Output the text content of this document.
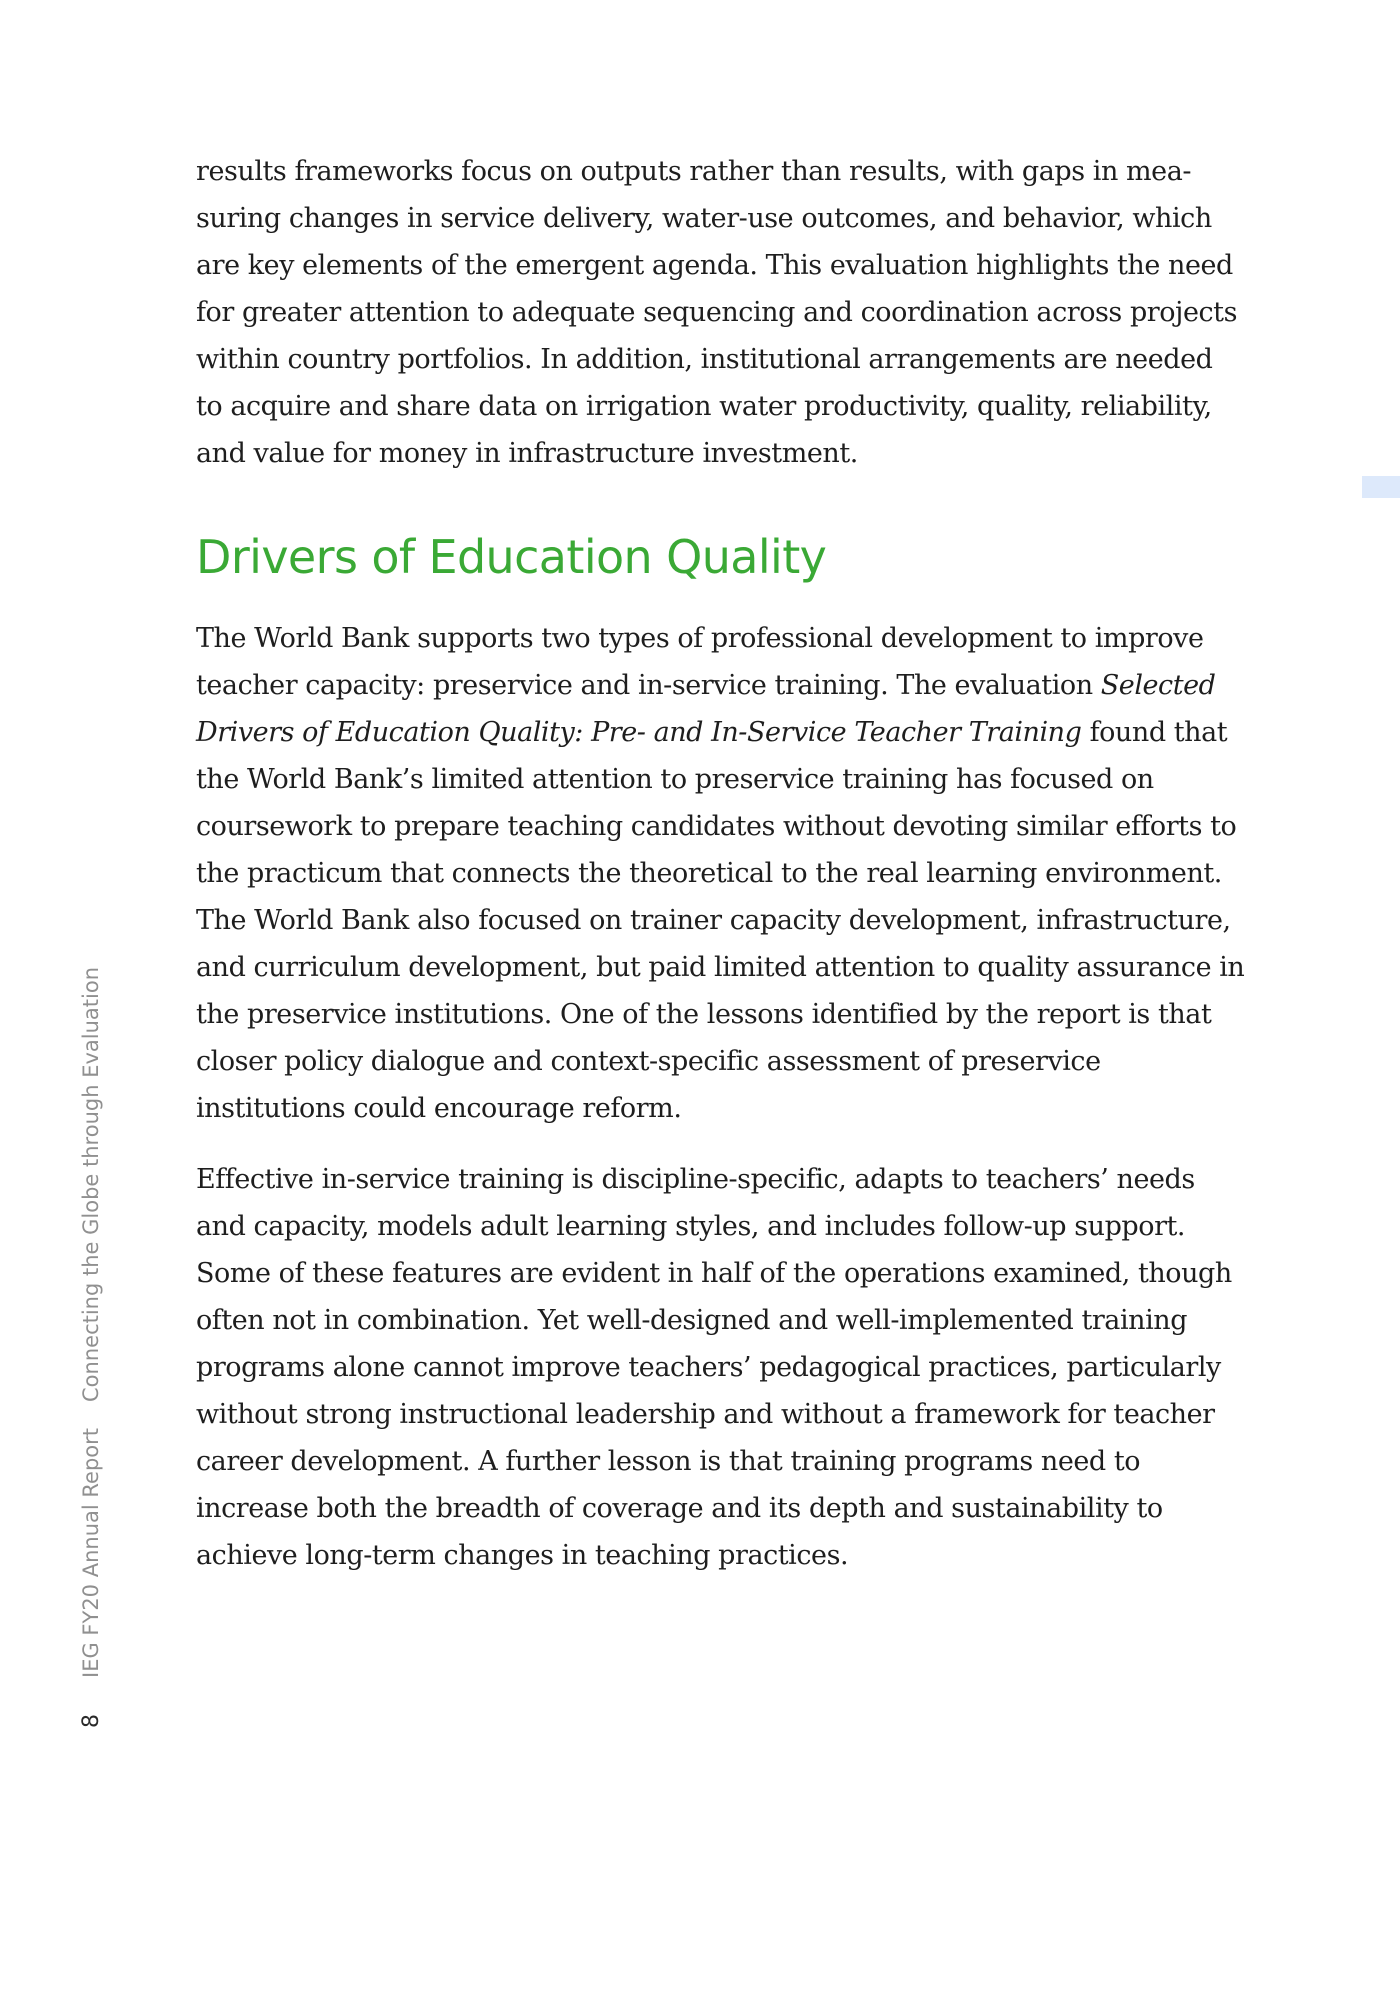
results frameworks focus on outputs rather than results, with gaps in measuring changes in service delivery, water-use outcomes, and behavior, which are key elements of the emergent agenda. This evaluation highlights the need for greater attention to adequate sequencing and coordination across projects within country portfolios. In addition, institutional arrangements are needed to acquire and share data on irrigation water productivity, quality, reliability, and value for money in infrastructure investment.

Drivers of Education Quality

The World Bank supports two types of professional development to improve teacher capacity: preservice and in-service training. The evaluation Selected Drivers of Education Quality: Pre- and In-Service Teacher Training found that the World Bank’s limited attention to preservice training has focused on coursework to prepare teaching candidates without devoting similar efforts to the practicum that connects the theoretical to the real learning environment. The World Bank also focused on trainer capacity development, infrastructure, and curriculum development, but paid limited attention to quality assurance in the preservice institutions. One of the lessons identified by the report is that closer policy dialogue and context-specific assessment of preservice institutions could encourage reform.

Effective in-service training is discipline-specific, adapts to teachers’ needs and capacity, models adult learning styles, and includes follow-up support. Some of these features are evident in half of the operations examined, though often not in combination. Yet well-designed and well-implemented training programs alone cannot improve teachers’ pedagogical practices, particularly without strong instructional leadership and without a framework for teacher career development. A further lesson is that training programs need to increase both the breadth of coverage and its depth and sustainability to achieve long-term changes in teaching practices.

8IEG FY20 Annual ReportConnecting the Globe through Evaluation
